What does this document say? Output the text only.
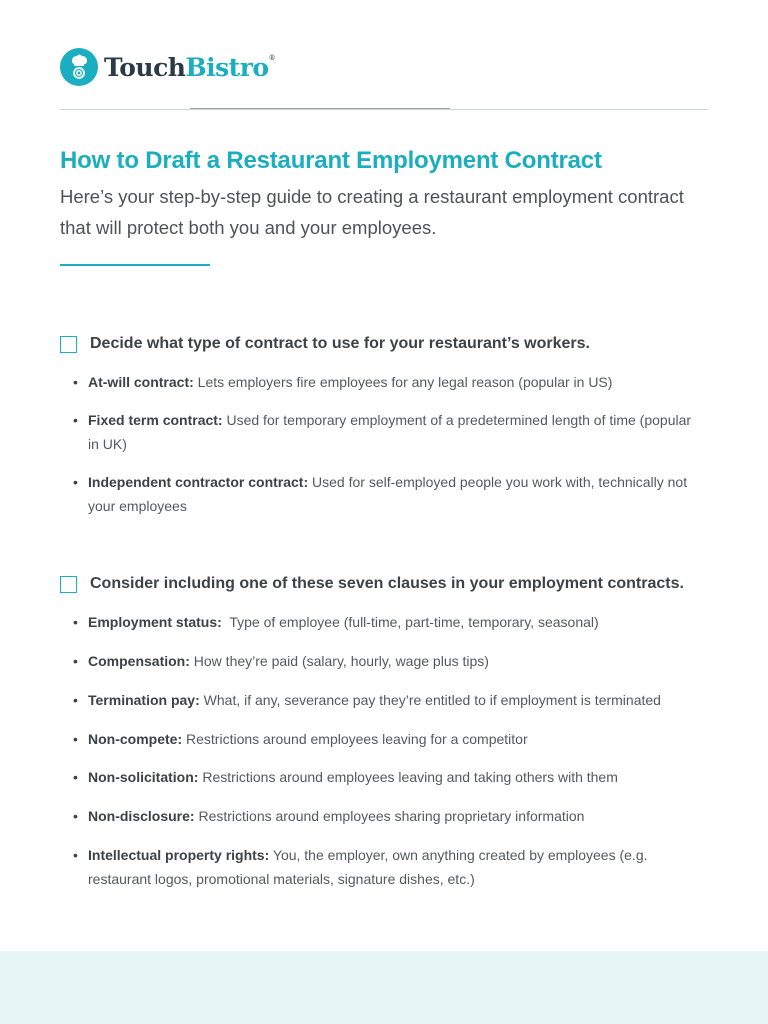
TouchBistro®
How to Draft a Restaurant Employment Contract

Here’s your step-by-step guide to creating a restaurant employment contract that will protect both you and your employees.

Decide what type of contract to use for your restaurant’s workers.
• At-will contract: Lets employers fire employees for any legal reason (popular in US)
• Fixed term contract: Used for temporary employment of a predetermined length of time (popular in UK)
• Independent contractor contract: Used for self-employed people you work with, technically not your employees
Consider including one of these seven clauses in your employment contracts.
• Employment status:  Type of employee (full-time, part-time, temporary, seasonal)
• Compensation: How they’re paid (salary, hourly, wage plus tips)
• Termination pay: What, if any, severance pay they’re entitled to if employment is terminated
• Non-compete: Restrictions around employees leaving for a competitor
• Non-solicitation: Restrictions around employees leaving and taking others with them
• Non-disclosure: Restrictions around employees sharing proprietary information
• Intellectual property rights: You, the employer, own anything created by employees (e.g. restaurant logos, promotional materials, signature dishes, etc.)
